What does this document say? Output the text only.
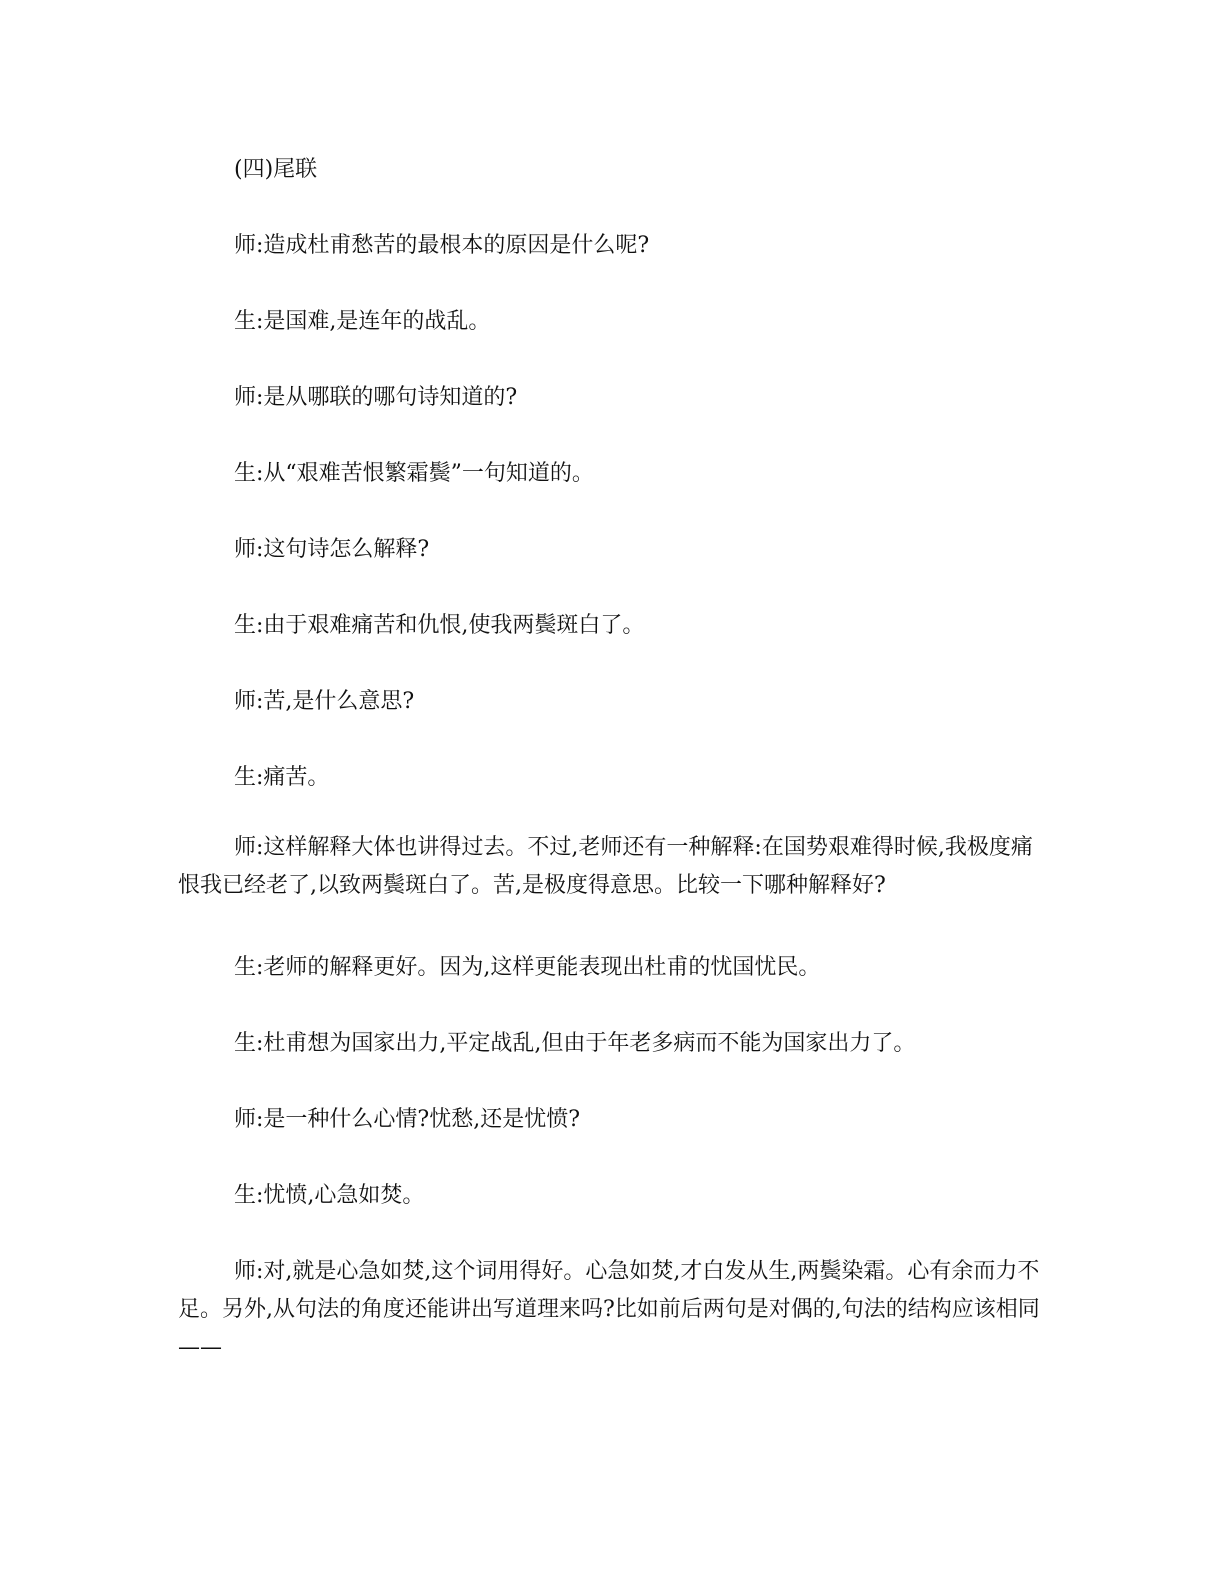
(四)尾联

师:造成杜甫愁苦的最根本的原因是什么呢?

生:是国难,是连年的战乱。

师:是从哪联的哪句诗知道的?

生:从“艰难苦恨繁霜鬓”一句知道的。

师:这句诗怎么解释?

生:由于艰难痛苦和仇恨,使我两鬓斑白了。

师:苦,是什么意思?

生:痛苦。

师:这样解释大体也讲得过去。不过,老师还有一种解释:在国势艰难得时候,我极度痛恨我已经老了,以致两鬓斑白了。苦,是极度得意思。比较一下哪种解释好?

生:老师的解释更好。因为,这样更能表现出杜甫的忧国忧民。

生:杜甫想为国家出力,平定战乱,但由于年老多病而不能为国家出力了。

师:是一种什么心情?忧愁,还是忧愤?

生:忧愤,心急如焚。

师:对,就是心急如焚,这个词用得好。心急如焚,才白发从生,两鬓染霜。心有余而力不足。另外,从句法的角度还能讲出写道理来吗?比如前后两句是对偶的,句法的结构应该相同——
